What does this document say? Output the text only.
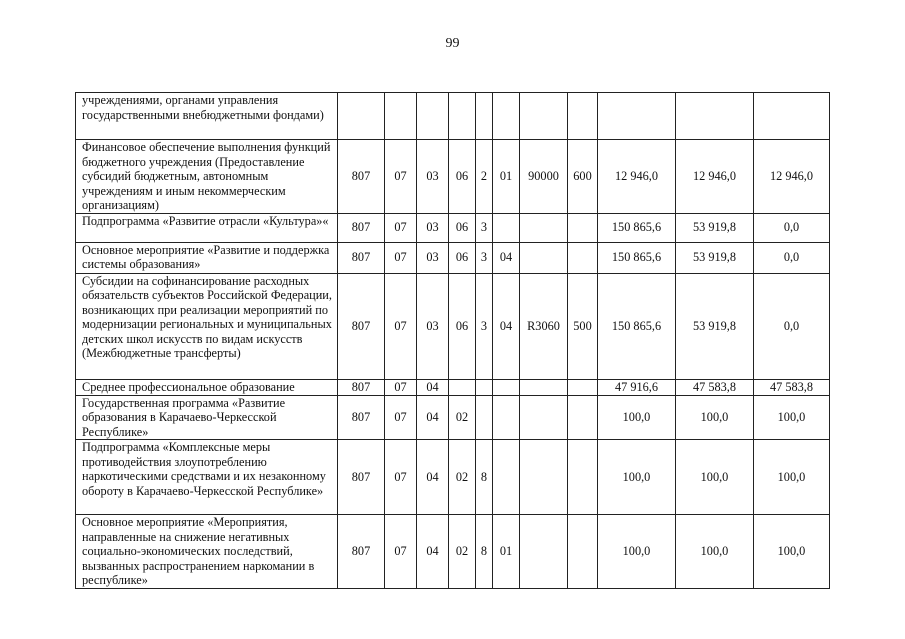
99
учреждениями, органами управления государственными внебюджетными фондами)											
Финансовое обеспечение выполнения функций бюджетного учреждения (Предоставление субсидий бюджетным, автономным учреждениям и иным некоммерческим организациям)	807	07	03	06	2	01	90000	600	12 946,0	12 946,0	12 946,0
Подпрограмма «Развитие отрасли «Культура»«	807	07	03	06	3				150 865,6	53 919,8	0,0
Основное мероприятие «Развитие и поддержка системы образования»	807	07	03	06	3	04			150 865,6	53 919,8	0,0
Субсидии на софинансирование расходных обязательств субъектов Российской Федерации, возникающих при реализации мероприятий по модернизации региональных и муниципальных детских школ искусств по видам искусств (Межбюджетные трансферты)	807	07	03	06	3	04	R3060	500	150 865,6	53 919,8	0,0
Среднее профессиональное образование	807	07	04						47 916,6	47 583,8	47 583,8
Государственная программа «Развитие образования в Карачаево-Черкесской Республике»	807	07	04	02					100,0	100,0	100,0
Подпрограмма «Комплексные меры противодействия злоупотреблению наркотическими средствами и их незаконному обороту в Карачаево-Черкесской Республике»	807	07	04	02	8				100,0	100,0	100,0
Основное мероприятие «Мероприятия, направленные на снижение негативных социально-экономических последствий, вызванных распространением наркомании в республике»	807	07	04	02	8	01			100,0	100,0	100,0
